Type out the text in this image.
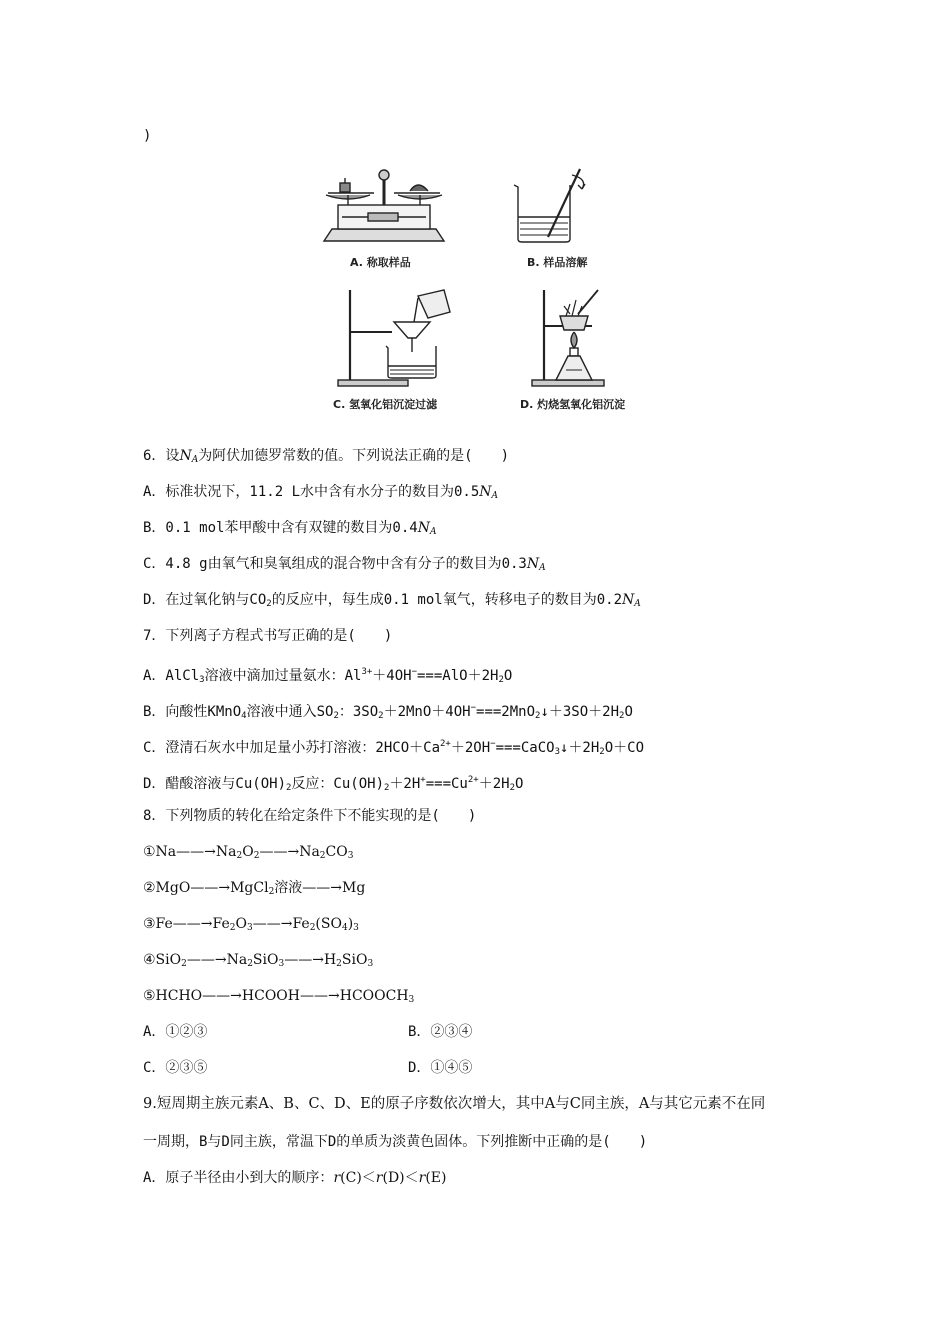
)
A. 称取样品	B. 样品溶解
C. 氢氧化铝沉淀过滤	D. 灼烧氢氧化铝沉淀
6．设$N_A$为阿伏加德罗常数的值。下列说法正确的是(　　)
A．标准状况下，11.2 L水中含有水分子的数目为$0.5N_A$
B．0.1 mol苯甲酸中含有双键的数目为$0.4N_A$
C．4.8 g由氧气和臭氧组成的混合物中含有分子的数目为$0.3N_A$
D．在过氧化钠与$CO_2$的反应中，每生成0.1 mol氧气，转移电子的数目为$0.2N_A$
7．下列离子方程式书写正确的是(　　)
A．AlCl$_3$溶液中滴加过量氨水：$Al^{3+}+4OH^-===AlO+2H_2O$
B．向酸性KMnO$_4$溶液中通入$SO_2$：$3SO_2+2MnO+4OH^-===2MnO_2↓+3SO+2H_2O$
C．澄清石灰水中加足量小苏打溶液：$2HCO+Ca^{2+}+2OH^-===CaCO_3↓+2H_2O+CO$
D．醋酸溶液与$Cu(OH)_2$反应：$Cu(OH)_2+2H^+===Cu^{2+}+2H_2O$
8．下列物质的转化在给定条件下不能实现的是(　　)
$①Na——\to Na_2O_2——\to Na_2CO_3$
②MgO——→MgCl$_2$溶液——→Mg
$③Fe——\to Fe_2O_3——\to Fe_2(SO_4)_3$
$④SiO_2——\to Na_2SiO_3——\to H_2SiO_3$
$⑤HCHO——\to HCOOH——\to HCOOCH_3$
A．①②③	B．②③④
C．②③⑤	D．①④⑤
9.短周期主族元素A、B、C、D、E的原子序数依次增大，其中A与C同主族，A与其它元素不在同
一周期，B与D同主族，常温下D的单质为淡黄色固体。下列推断中正确的是(　　)
A．原子半径由小到大的顺序：r(C)＜r(D)＜r(E)
